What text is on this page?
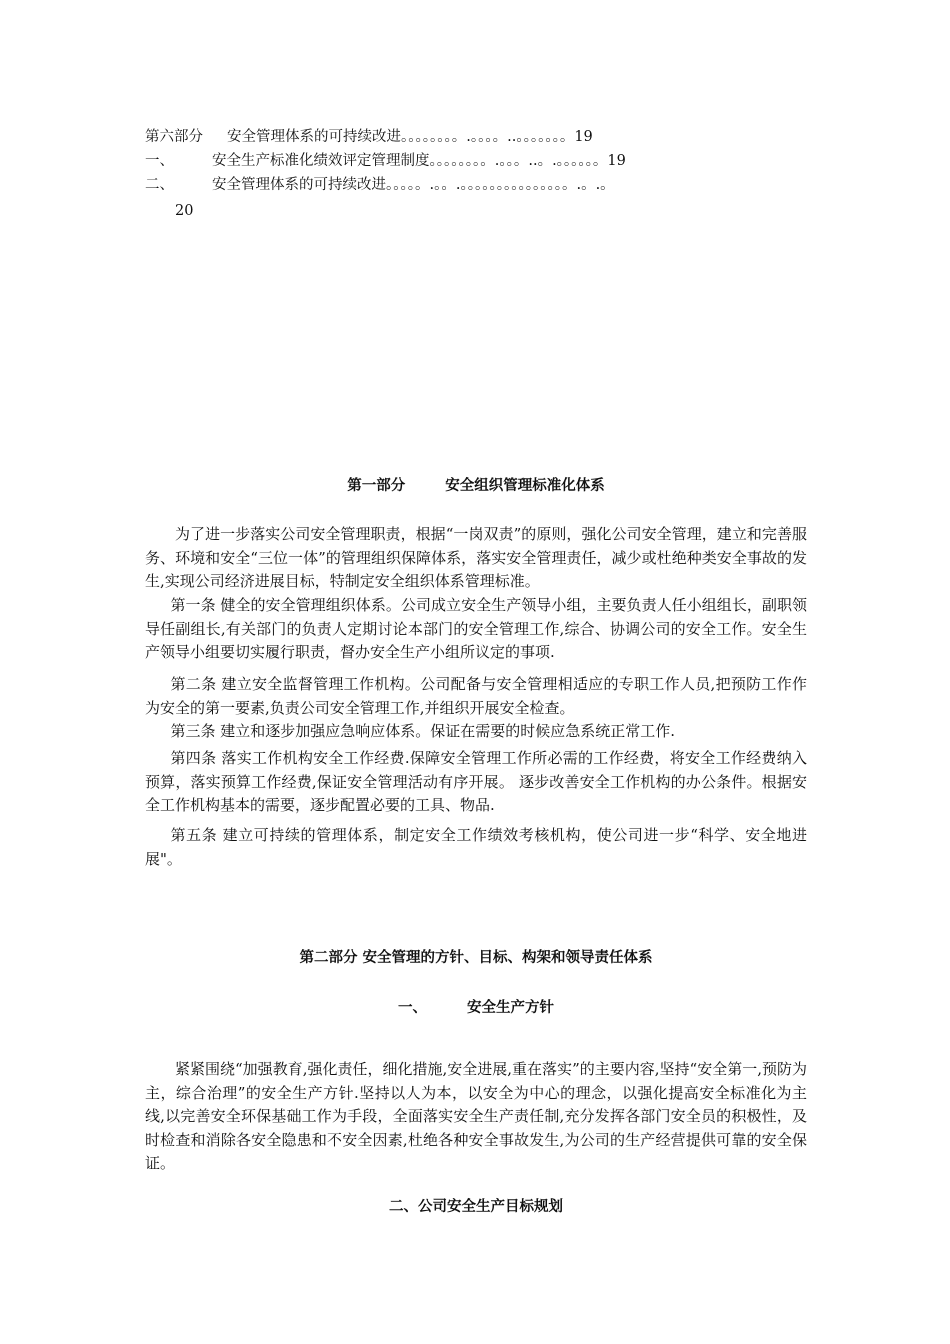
第六部分 安全管理体系的可持续改进。。。。。。。。.。。。。..。。。。。。。19
一、	安全生产标准化绩效评定管理制度。。。。。。。。.。。。..。.。。。。。。19
二、	安全管理体系的可持续改进。。。。。.。。.。。。。。。。。。。。。。。。.。.。
20
第一部分	安全组织管理标准化体系

为了进一步落实公司安全管理职责，根据“一岗双责”的原则，强化公司安全管理，建立和完善服务、环境和安全“三位一体”的管理组织保障体系，落实安全管理责任，减少或杜绝种类安全事故的发生,实现公司经济进展目标，特制定安全组织体系管理标准。

第一条 健全的安全管理组织体系。公司成立安全生产领导小组，主要负责人任小组组长，副职领导任副组长,有关部门的负责人定期讨论本部门的安全管理工作,综合、协调公司的安全工作。安全生产领导小组要切实履行职责，督办安全生产小组所议定的事项.

第二条 建立安全监督管理工作机构。公司配备与安全管理相适应的专职工作人员,把预防工作作为安全的第一要素,负责公司安全管理工作,并组织开展安全检查。

第三条 建立和逐步加强应急响应体系。保证在需要的时候应急系统正常工作.

第四条 落实工作机构安全工作经费.保障安全管理工作所必需的工作经费，将安全工作经费纳入预算，落实预算工作经费,保证安全管理活动有序开展。 逐步改善安全工作机构的办公条件。根据安全工作机构基本的需要，逐步配置必要的工具、物品.

第五条 建立可持续的管理体系，制定安全工作绩效考核机构，使公司进一步“科学、安全地进展"。

第二部分 安全管理的方针、目标、构架和领导责任体系
一、	安全生产方针

紧紧围绕“加强教育,强化责任，细化措施,安全进展,重在落实”的主要内容,坚持“安全第一,预防为主，综合治理”的安全生产方针.坚持以人为本，以安全为中心的理念，以强化提高安全标准化为主线,以完善安全环保基础工作为手段，全面落实安全生产责任制,充分发挥各部门安全员的积极性，及时检查和消除各安全隐患和不安全因素,杜绝各种安全事故发生,为公司的生产经营提供可靠的安全保证。

二、公司安全生产目标规划
